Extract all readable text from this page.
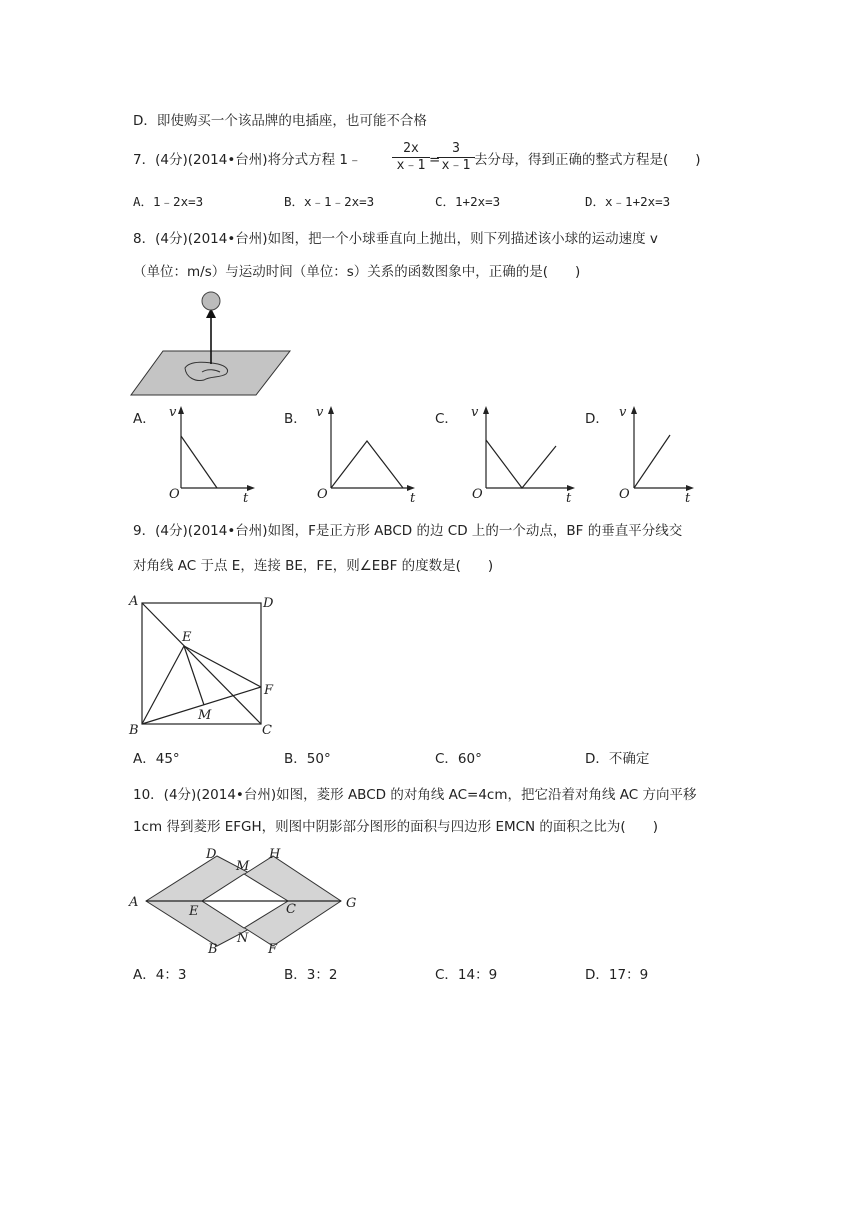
D．即使购买一个该品牌的电插座，也可能不合格
7．(4分)(2014•台州)将分式方程 1﹣
2x
x﹣1 =
3
x﹣1 去分母，得到正确的整式方程是(　　)
A．1﹣2x=3	B．x﹣1﹣2x=3	C．1+2x=3	D．x﹣1+2x=3
8．(4分)(2014•台州)如图，把一个小球垂直向上抛出，则下列描述该小球的运动速度 v
（单位：m/s）与运动时间（单位：s）关系的函数图象中，正确的是(　　)
A．	B．	C．	D．
v
O	t
v
O	t
v
O	t
v
O	t
9．(4分)(2014•台州)如图，F是正方形 ABCD 的边 CD 上的一个动点，BF 的垂直平分线交
对角线 AC 于点 E，连接 BE，FE，则∠EBF 的度数是(　　)
A	D
E
F
M
B	C
A．45°	B．50°	C．60°	D．不确定
10．(4分)(2014•台州)如图，菱形 ABCD 的对角线 AC=4cm，把它沿着对角线 AC 方向平移
1cm 得到菱形 EFGH，则图中阴影部分图形的面积与四边形 EMCN 的面积之比为(　　)
D
M
H
A
E	C	G
N
B	F
A．4：3	B．3：2	C．14：9	D．17：9
